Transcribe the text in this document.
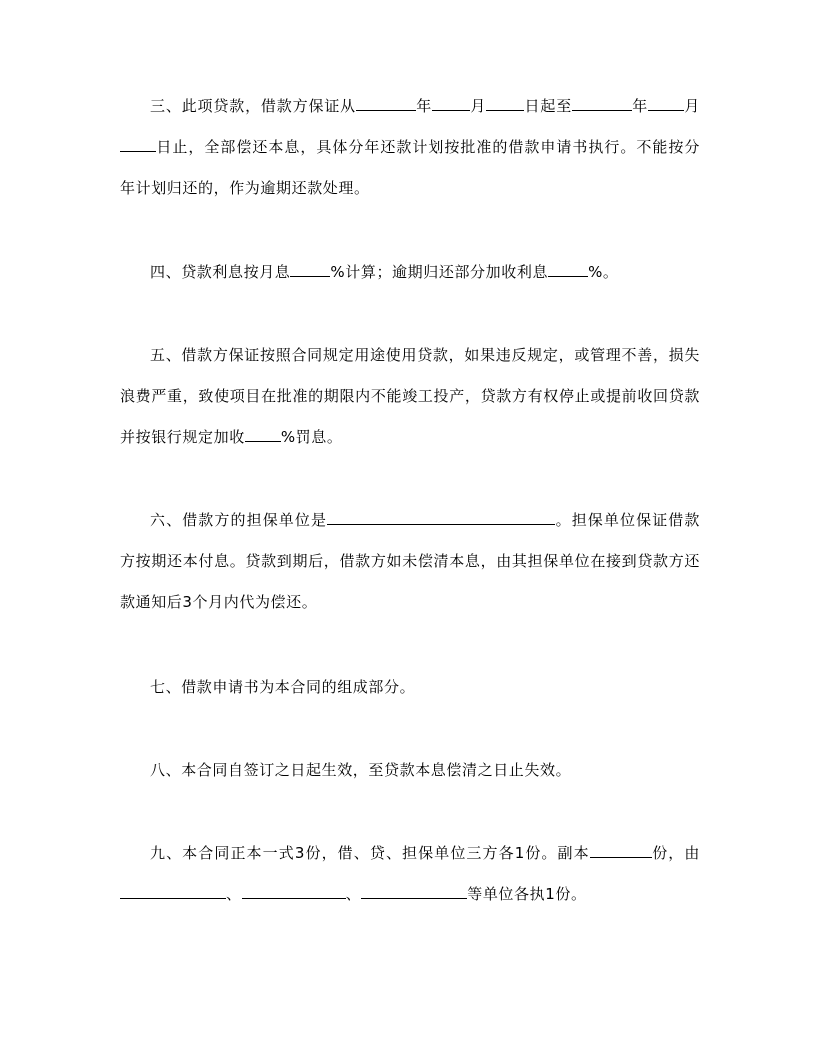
三、此项贷款，借款方保证从	年	月	日起至	年 月日止，全部偿还本息，具体分年还款计划按批准的借款申请书执行。不能按分年计划归还的，作为逾期还款处理。

四、贷款利息按月息	%计算；逾期归还部分加收利息	%。

五、借款方保证按照合同规定用途使用贷款，如果违反规定，或管理不善，损失浪费严重，致使项目在批准的期限内不能竣工投产，贷款方有权停止或提前收回贷款并按银行规定加收 %罚息。

六、借款方的担保单位是	。担保单位保证借款方按期还本付息。贷款到期后，借款方如未偿清本息，由其担保单位在接到贷款方还款通知后3个月内代为偿还。

七、借款申请书为本合同的组成部分。

八、本合同自签订之日起生效，至贷款本息偿清之日止失效。

九、本合同正本一式3份，借、贷、担保单位三方各1份。副本	份，由、	、	等单位各执1份。
